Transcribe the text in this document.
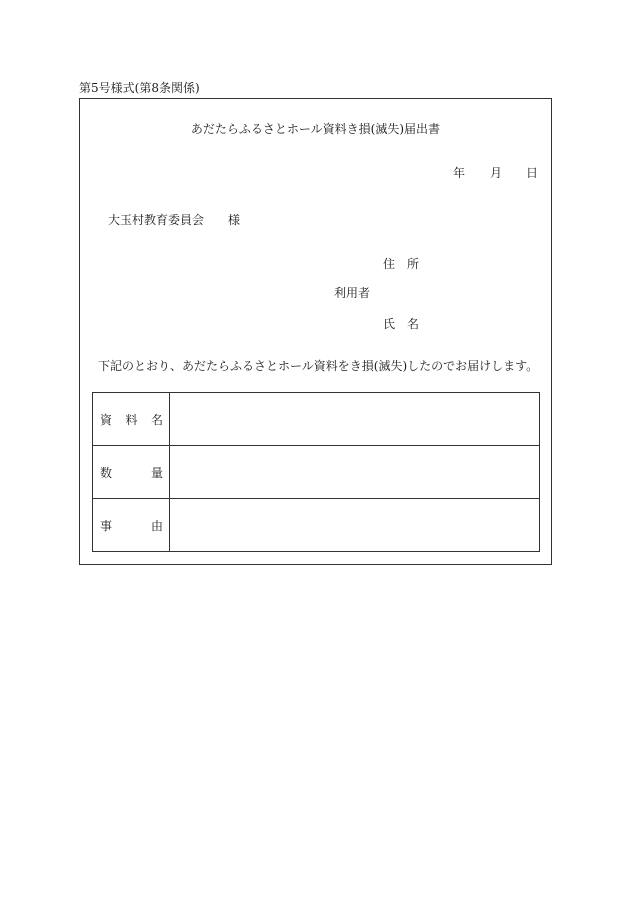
第5号様式(第8条関係)
あだたらふるさとホール資料き損(滅失)届出書
年 月 日
大玉村教育委員会　　様
住　所
利用者
氏　名
下記のとおり、あだたらふるさとホール資料をき損(滅失)したのでお届けします。
資 料 名	

数 量	

事 由	
